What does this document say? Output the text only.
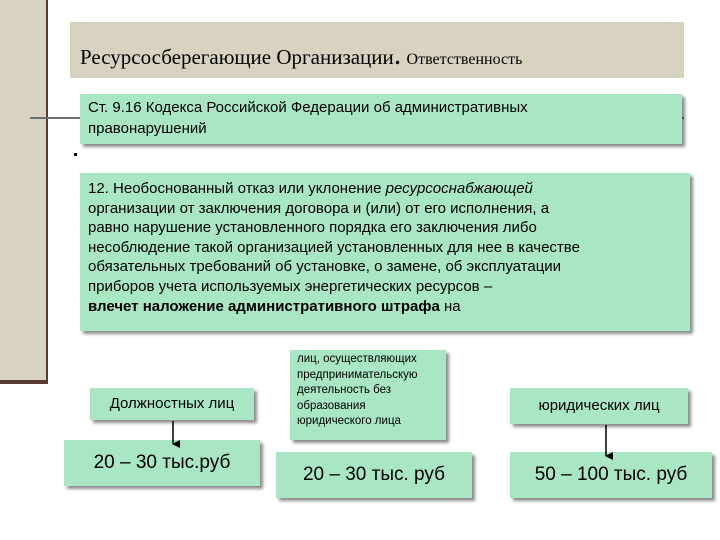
Ресурсосберегающие Организации. Ответственность
Ст. 9.16 Кодекса Российской Федерации об административных
правонарушений
12. Необоснованный отказ или уклонение ресурсоснабжающей
организации от заключения договора и (или) от его исполнения, а
равно нарушение установленного порядка его заключения либо
несоблюдение такой организацией установленных для нее в качестве
обязательных требований об установке, о замене, об эксплуатации
приборов учета используемых энергетических ресурсов –
влечет наложение административного штрафа на
Должностных лиц
лиц, осуществляющих
предпринимательскую
деятельность без
образования
юридического лица
юридических лиц
20 – 30 тыс.руб
20 – 30 тыс. руб	50 – 100 тыс. руб
